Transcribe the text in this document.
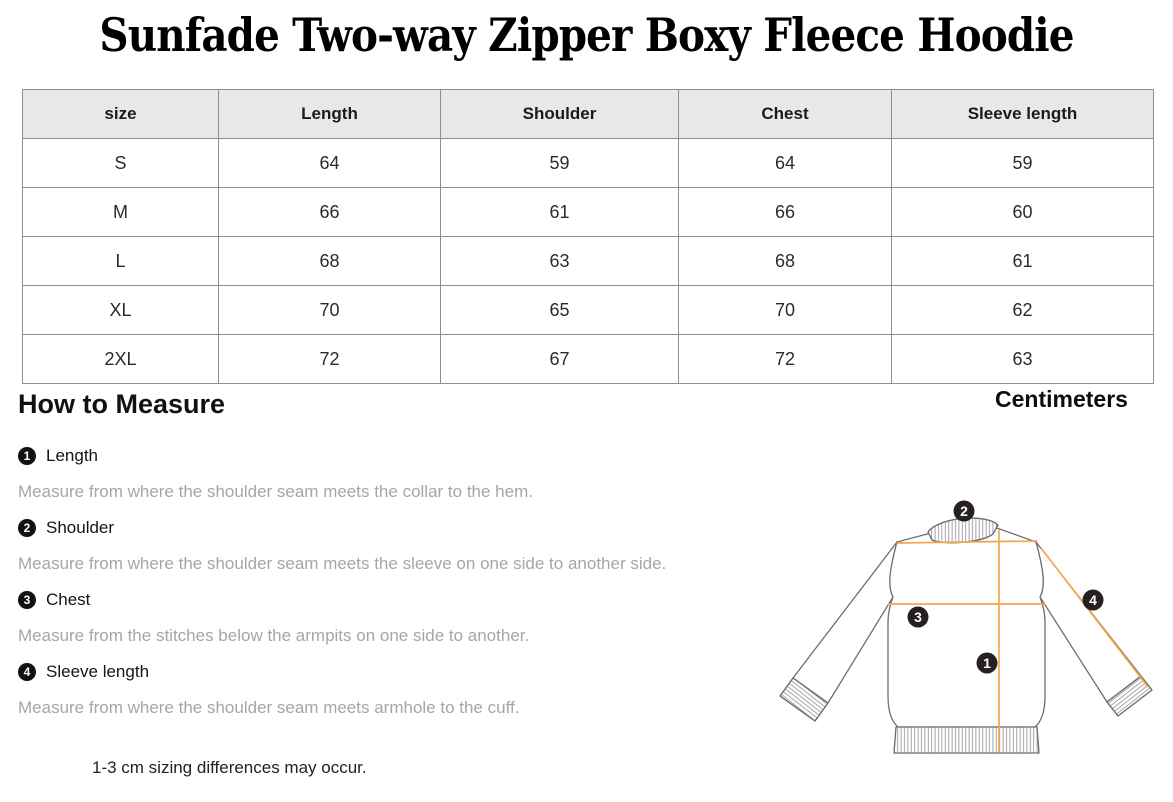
Sunfade Two-way Zipper Boxy Fleece Hoodie
size	Length	Shoulder	Chest	Sleeve length
S	64	59	64	59
M	66	61	66	60
L	68	63	68	61
XL	70	65	70	62
2XL	72	67	72	63
How to Measure
1 Length
Measure from where the shoulder seam meets the collar to the hem.
2 Shoulder
Measure from where the shoulder seam meets the sleeve on one side to another side.
3 Chest
Measure from the stitches below the armpits on one side to another.
4 Sleeve length
Measure from where the shoulder seam meets armhole to the cuff.
Centimeters
2
3
4
1
1-3 cm sizing differences may occur.
